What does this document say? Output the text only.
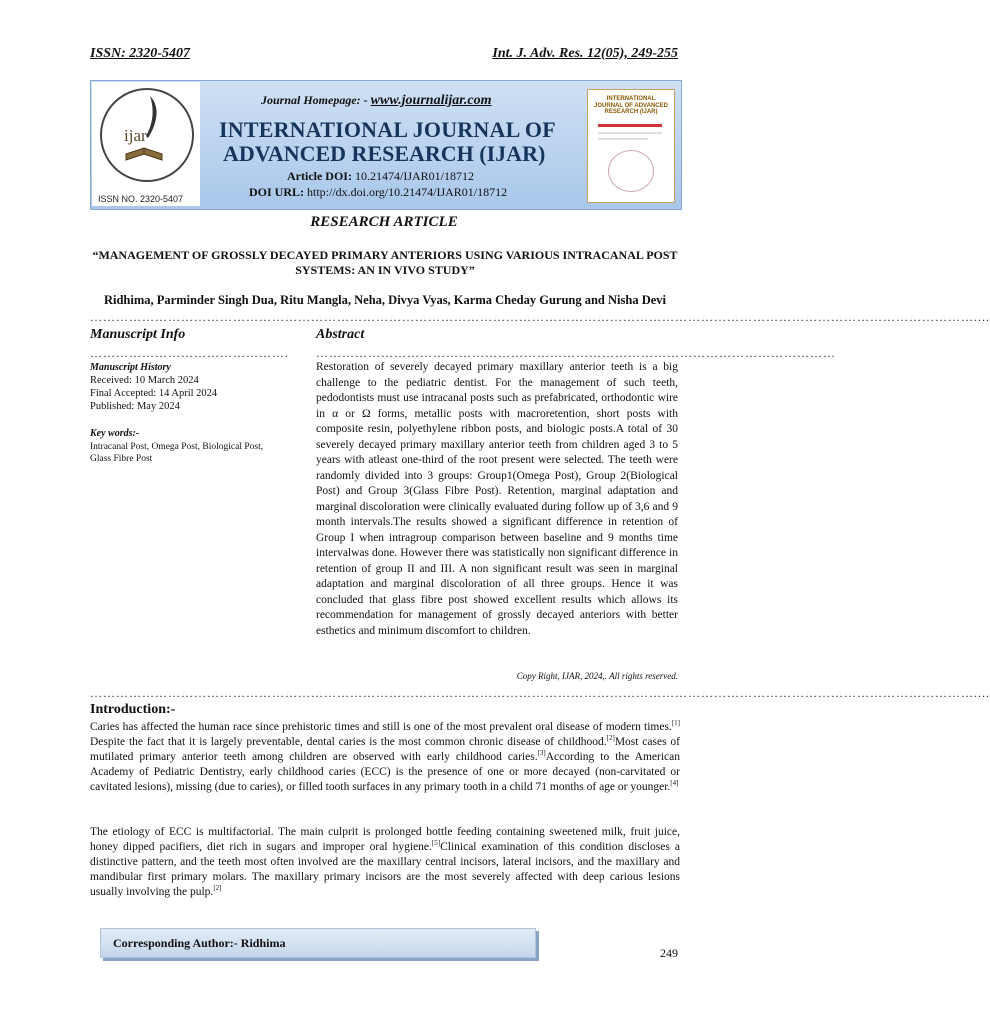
ISSN: 2320-5407	Int. J. Adv. Res. 12(05), 249-255
ijar
ISSN NO. 2320-5407
Journal Homepage: - www.journalijar.com
INTERNATIONAL JOURNAL OF
ADVANCED RESEARCH (IJAR)
Article DOI: 10.21474/IJAR01/18712
DOI URL: http://dx.doi.org/10.21474/IJAR01/18712
INTERNATIONAL JOURNAL OF ADVANCED RESEARCH (IJAR)
RESEARCH ARTICLE
“MANAGEMENT OF GROSSLY DECAYED PRIMARY ANTERIORS USING VARIOUS INTRACANAL POST SYSTEMS: AN IN VIVO STUDY”
Ridhima, Parminder Singh Dua, Ritu Mangla, Neha, Divya Vyas, Karma Cheday Gurung and Nisha Devi
……………………………………………………………………………………………………………………………………………………………………………………....
Manuscript Info
……………………………………….
Manuscript History
Received: 10 March 2024
Final Accepted: 14 April 2024
Published: May 2024
Key words:-
Intracanal Post, Omega Post, Biological Post, Glass Fibre Post
Abstract
…………………………………………………………………………………………………………
Restoration of severely decayed primary maxillary anterior teeth is a big challenge to the pediatric dentist. For the management of such teeth, pedodontists must use intracanal posts such as prefabricated, orthodontic wire in α or Ω forms, metallic posts with macroretention, short posts with composite resin, polyethylene ribbon posts, and biologic posts.A total of 30 severely decayed primary maxillary anterior teeth from children aged 3 to 5 years with atleast one-third of the root present were selected. The teeth were randomly divided into 3 groups: Group1(Omega Post), Group 2(Biological Post) and Group 3(Glass Fibre Post). Retention, marginal adaptation and marginal discoloration were clinically evaluated during follow up of 3,6 and 9 month intervals.The results showed a significant difference in retention of Group I when intragroup comparison between baseline and 9 months time intervalwas done. However there was statistically non significant difference in retention of group II and III. A non significant result was seen in marginal adaptation and marginal discoloration of all three groups. Hence it was concluded that glass fibre post showed excellent results which allows its recommendation for management of grossly decayed anteriors with better esthetics and minimum discomfort to children.
Copy Right, IJAR, 2024,. All rights reserved.
……………………………………………………………………………………………………………………………………………………………………………………....
Introduction:-
Caries has affected the human race since prehistoric times and still is one of the most prevalent oral disease of modern times.[1] Despite the fact that it is largely preventable, dental caries is the most common chronic disease of childhood.[2]Most cases of mutilated primary anterior teeth among children are observed with early childhood caries.[3]According to the American Academy of Pediatric Dentistry, early childhood caries (ECC) is the presence of one or more decayed (non-carvitated or cavitated lesions), missing (due to caries), or filled tooth surfaces in any primary tooth in a child 71 months of age or younger.[4]
The etiology of ECC is multifactorial. The main culprit is prolonged bottle feeding containing sweetened milk, fruit juice, honey dipped pacifiers, diet rich in sugars and improper oral hygiene.[5]Clinical examination of this condition discloses a distinctive pattern, and the teeth most often involved are the maxillary central incisors, lateral incisors, and the maxillary and mandibular first primary molars. The maxillary primary incisors are the most severely affected with deep carious lesions usually involving the pulp.[2]
Corresponding Author:- Ridhima
249
